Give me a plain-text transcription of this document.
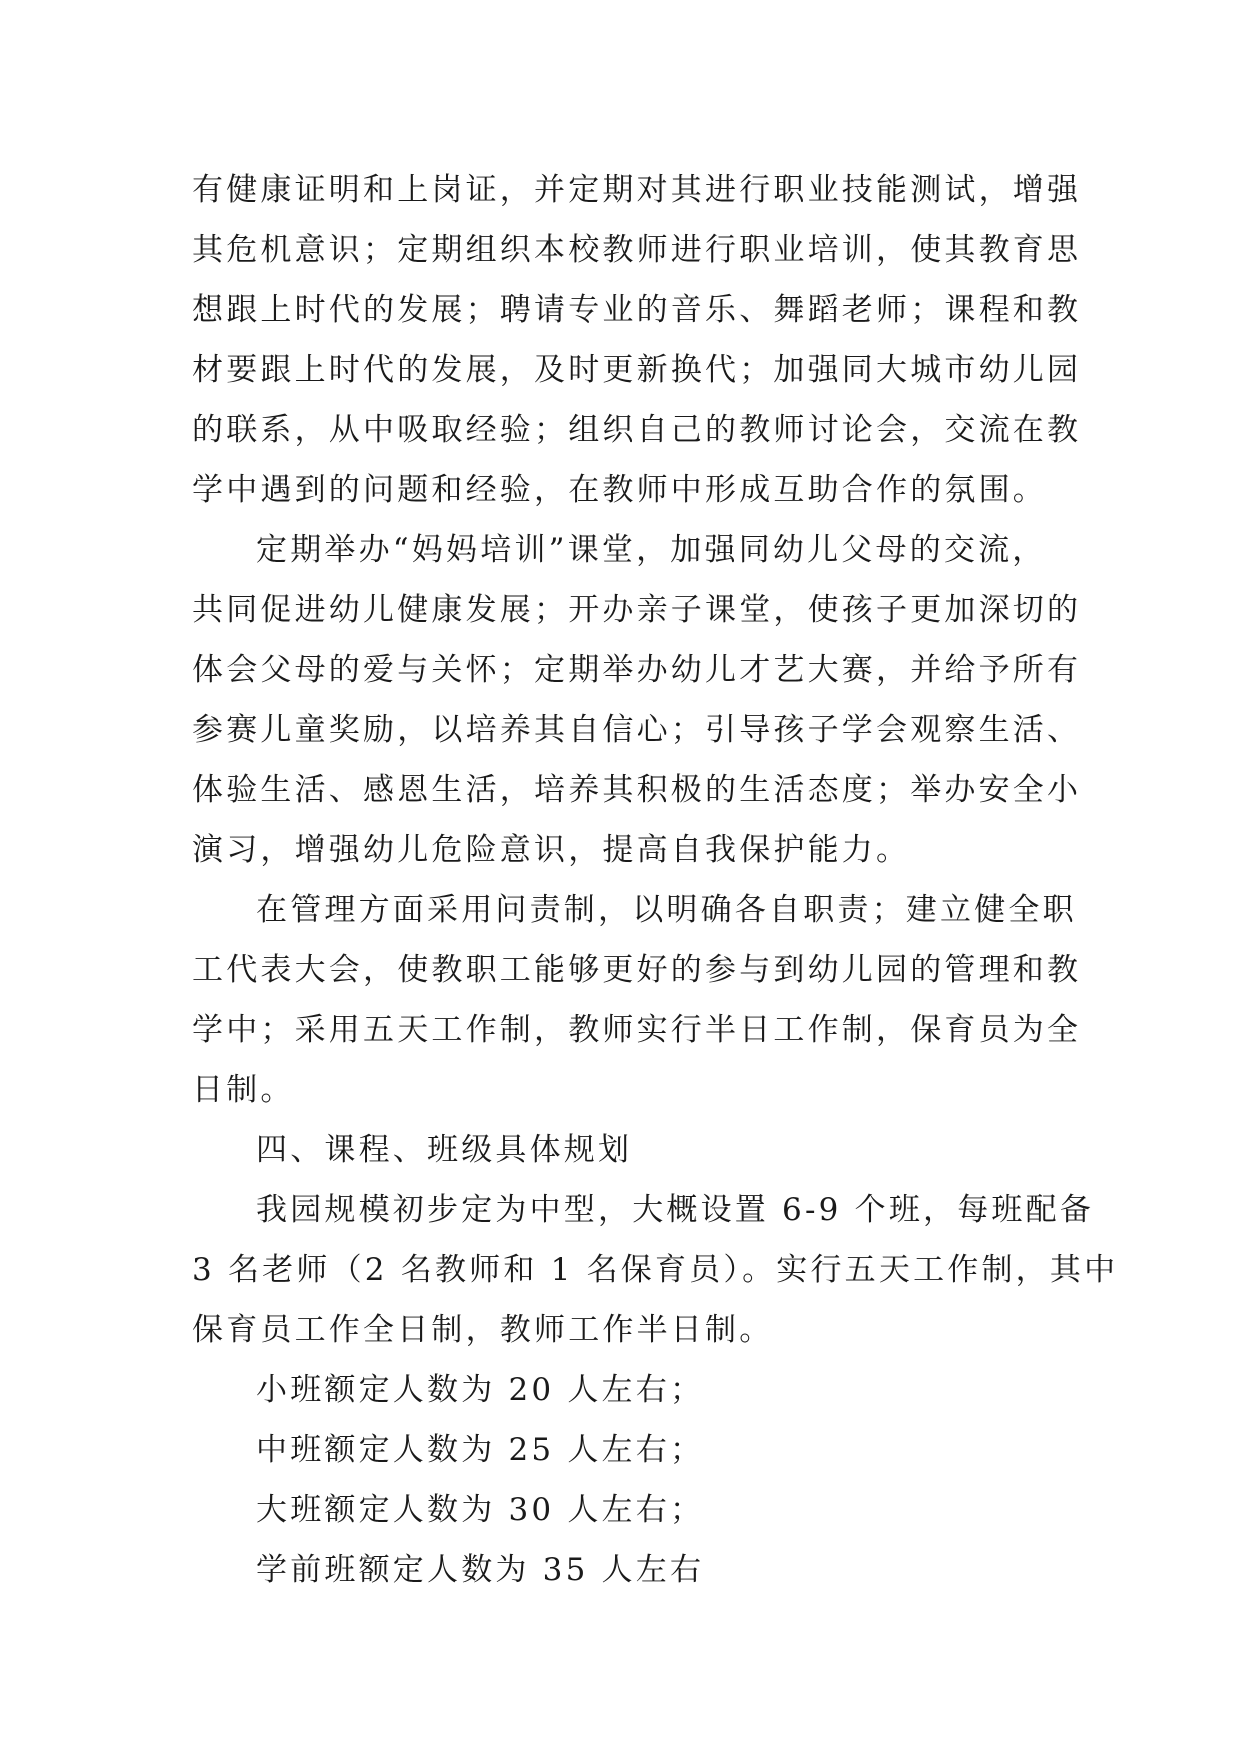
有健康证明和上岗证，并定期对其进行职业技能测试，增强
其危机意识；定期组织本校教师进行职业培训，使其教育思
想跟上时代的发展；聘请专业的音乐、舞蹈老师；课程和教
材要跟上时代的发展，及时更新换代；加强同大城市幼儿园
的联系，从中吸取经验；组织自己的教师讨论会，交流在教
学中遇到的问题和经验，在教师中形成互助合作的氛围。
定期举办“妈妈培训”课堂，加强同幼儿父母的交流，
共同促进幼儿健康发展；开办亲子课堂，使孩子更加深切的
体会父母的爱与关怀；定期举办幼儿才艺大赛，并给予所有
参赛儿童奖励，以培养其自信心；引导孩子学会观察生活、
体验生活、感恩生活，培养其积极的生活态度；举办安全小
演习，增强幼儿危险意识，提高自我保护能力。
在管理方面采用问责制，以明确各自职责；建立健全职
工代表大会，使教职工能够更好的参与到幼儿园的管理和教
学中；采用五天工作制，教师实行半日工作制，保育员为全
日制。
四、课程、班级具体规划
我园规模初步定为中型，大概设置 6-9 个班，每班配备
3 名老师（2 名教师和 1 名保育员）。实行五天工作制，其中
保育员工作全日制，教师工作半日制。
小班额定人数为 20 人左右；
中班额定人数为 25 人左右；
大班额定人数为 30 人左右；
学前班额定人数为 35 人左右
